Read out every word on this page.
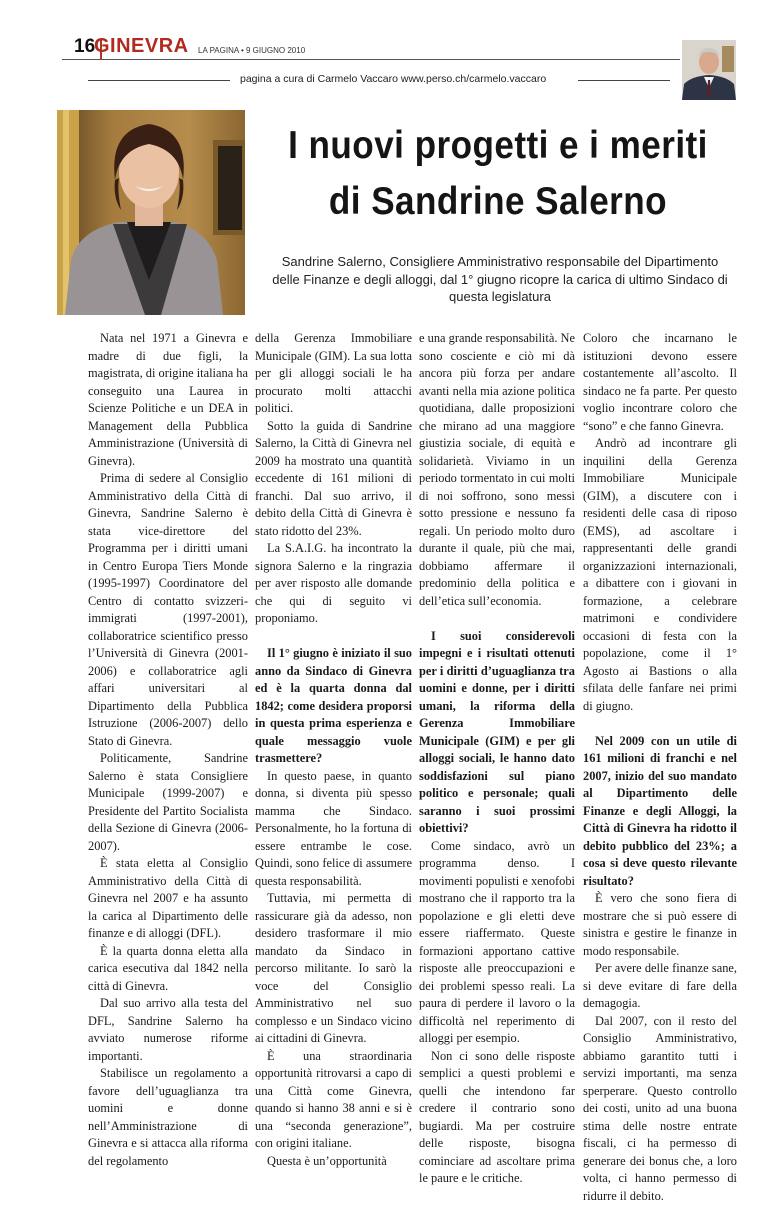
16
GINEVRA LA PAGINA • 9 GIUGNO 2010
pagina a cura di Carmelo Vaccaro www.perso.ch/carmelo.vaccaro
I nuovi progetti e i meriti di Sandrine Salerno
Sandrine Salerno, Consigliere Amministrativo responsabile del Dipartimento delle Finanze e degli alloggi, dal 1° giugno ricopre la carica di ultimo Sindaco di questa legislatura

Nata nel 1971 a Ginevra e madre di due figli, la magistrata, di origine italiana ha conseguito una Laurea in Scienze Politiche e un DEA in Management della Pubblica Amministrazione (Università di Ginevra).

Prima di sedere al Consiglio Amministrativo della Città di Ginevra, Sandrine Salerno è stata vice-direttore del Programma per i diritti umani in Centro Europa Tiers Monde (1995-1997) Coordinatore del Centro di contatto svizzeri-immigrati (1997-2001), collaboratrice scientifico presso l’Università di Ginevra (2001-2006) e collaboratrice agli affari universitari al Dipartimento della Pubblica Istruzione (2006-2007) dello Stato di Ginevra.

Politicamente, Sandrine Salerno è stata Consigliere Municipale (1999-2007) e Presidente del Partito Socialista della Sezione di Ginevra (2006-2007).

È stata eletta al Consiglio Amministrativo della Città di Ginevra nel 2007 e ha assunto la carica al Dipartimento delle finanze e di alloggi (DFL).

È la quarta donna eletta alla carica esecutiva dal 1842 nella città di Ginevra.

Dal suo arrivo alla testa del DFL, Sandrine Salerno ha avviato numerose riforme importanti.

Stabilisce un regolamento a favore dell’uguaglianza tra uomini e donne nell’Amministrazione di Ginevra e si attacca alla riforma del regolamento

della Gerenza Immobiliare Municipale (GIM). La sua lotta per gli alloggi sociali le ha procurato molti attacchi politici.

Sotto la guida di Sandrine Salerno, la Città di Ginevra nel 2009 ha mostrato una quantità eccedente di 161 milioni di franchi. Dal suo arrivo, il debito della Città di Ginevra è stato ridotto del 23%.

La S.A.I.G. ha incontrato la signora Salerno e la ringrazia per aver risposto alle domande che qui di seguito vi proponiamo.

Il 1° giugno è iniziato il suo anno da Sindaco di Ginevra ed è la quarta donna dal 1842; come desidera proporsi in questa prima esperienza e quale messaggio vuole trasmettere?

In questo paese, in quanto donna, si diventa più spesso mamma che Sindaco. Personalmente, ho la fortuna di essere entrambe le cose. Quindi, sono felice di assumere questa responsabilità.

Tuttavia, mi permetta di rassicurare già da adesso, non desidero trasformare il mio mandato da Sindaco in percorso militante. Io sarò la voce del Consiglio Amministrativo nel suo complesso e un Sindaco vicino ai cittadini di Ginevra.

È una straordinaria opportunità ritrovarsi a capo di una Città come Ginevra, quando si hanno 38 anni e si è una “seconda generazione”, con origini italiane.

Questa è un’opportunità

e una grande responsabilità. Ne sono cosciente e ciò mi dà ancora più forza per andare avanti nella mia azione politica quotidiana, dalle proposizioni che mirano ad una maggiore giustizia sociale, di equità e solidarietà. Viviamo in un periodo tormentato in cui molti di noi soffrono, sono messi sotto pressione e nessuno fa regali. Un periodo molto duro durante il quale, più che mai, dobbiamo affermare il predominio della politica e dell’etica sull’economia.

I suoi considerevoli impegni e i risultati ottenuti per i diritti d’uguaglianza tra uomini e donne, per i diritti umani, la riforma della Gerenza Immobiliare Municipale (GIM) e per gli alloggi sociali, le hanno dato soddisfazioni sul piano politico e personale; quali saranno i suoi prossimi obiettivi?

Come sindaco, avrò un programma denso. I movimenti populisti e xenofobi mostrano che il rapporto tra la popolazione e gli eletti deve essere riaffermato. Queste formazioni apportano cattive risposte alle preoccupazioni e dei problemi spesso reali. La paura di perdere il lavoro o la difficoltà nel reperimento di alloggi per esempio.

Non ci sono delle risposte semplici a questi problemi e quelli che intendono far credere il contrario sono bugiardi. Ma per costruire delle risposte, bisogna cominciare ad ascoltare prima le paure e le critiche.

Coloro che incarnano le istituzioni devono essere costantemente all’ascolto. Il sindaco ne fa parte. Per questo voglio incontrare coloro che “sono” e che fanno Ginevra.

Andrò ad incontrare gli inquilini della Gerenza Immobiliare Municipale (GIM), a discutere con i residenti delle casa di riposo (EMS), ad ascoltare i rappresentanti delle grandi organizzazioni internazionali, a dibattere con i giovani in formazione, a celebrare matrimoni e condividere occasioni di festa con la popolazione, come il 1° Agosto ai Bastions o alla sfilata delle fanfare nei primi di giugno.

Nel 2009 con un utile di 161 milioni di franchi e nel 2007, inizio del suo mandato al Dipartimento delle Finanze e degli Alloggi, la Città di Ginevra ha ridotto il debito pubblico del 23%; a cosa si deve questo rilevante risultato?

È vero che sono fiera di mostrare che si può essere di sinistra e gestire le finanze in modo responsabile.

Per avere delle finanze sane, si deve evitare di fare della demagogia.

Dal 2007, con il resto del Consiglio Amministrativo, abbiamo garantito tutti i servizi importanti, ma senza sperperare. Questo controllo dei costi, unito ad una buona stima delle nostre entrate fiscali, ci ha permesso di generare dei bonus che, a loro volta, ci hanno permesso di ridurre il debito.
